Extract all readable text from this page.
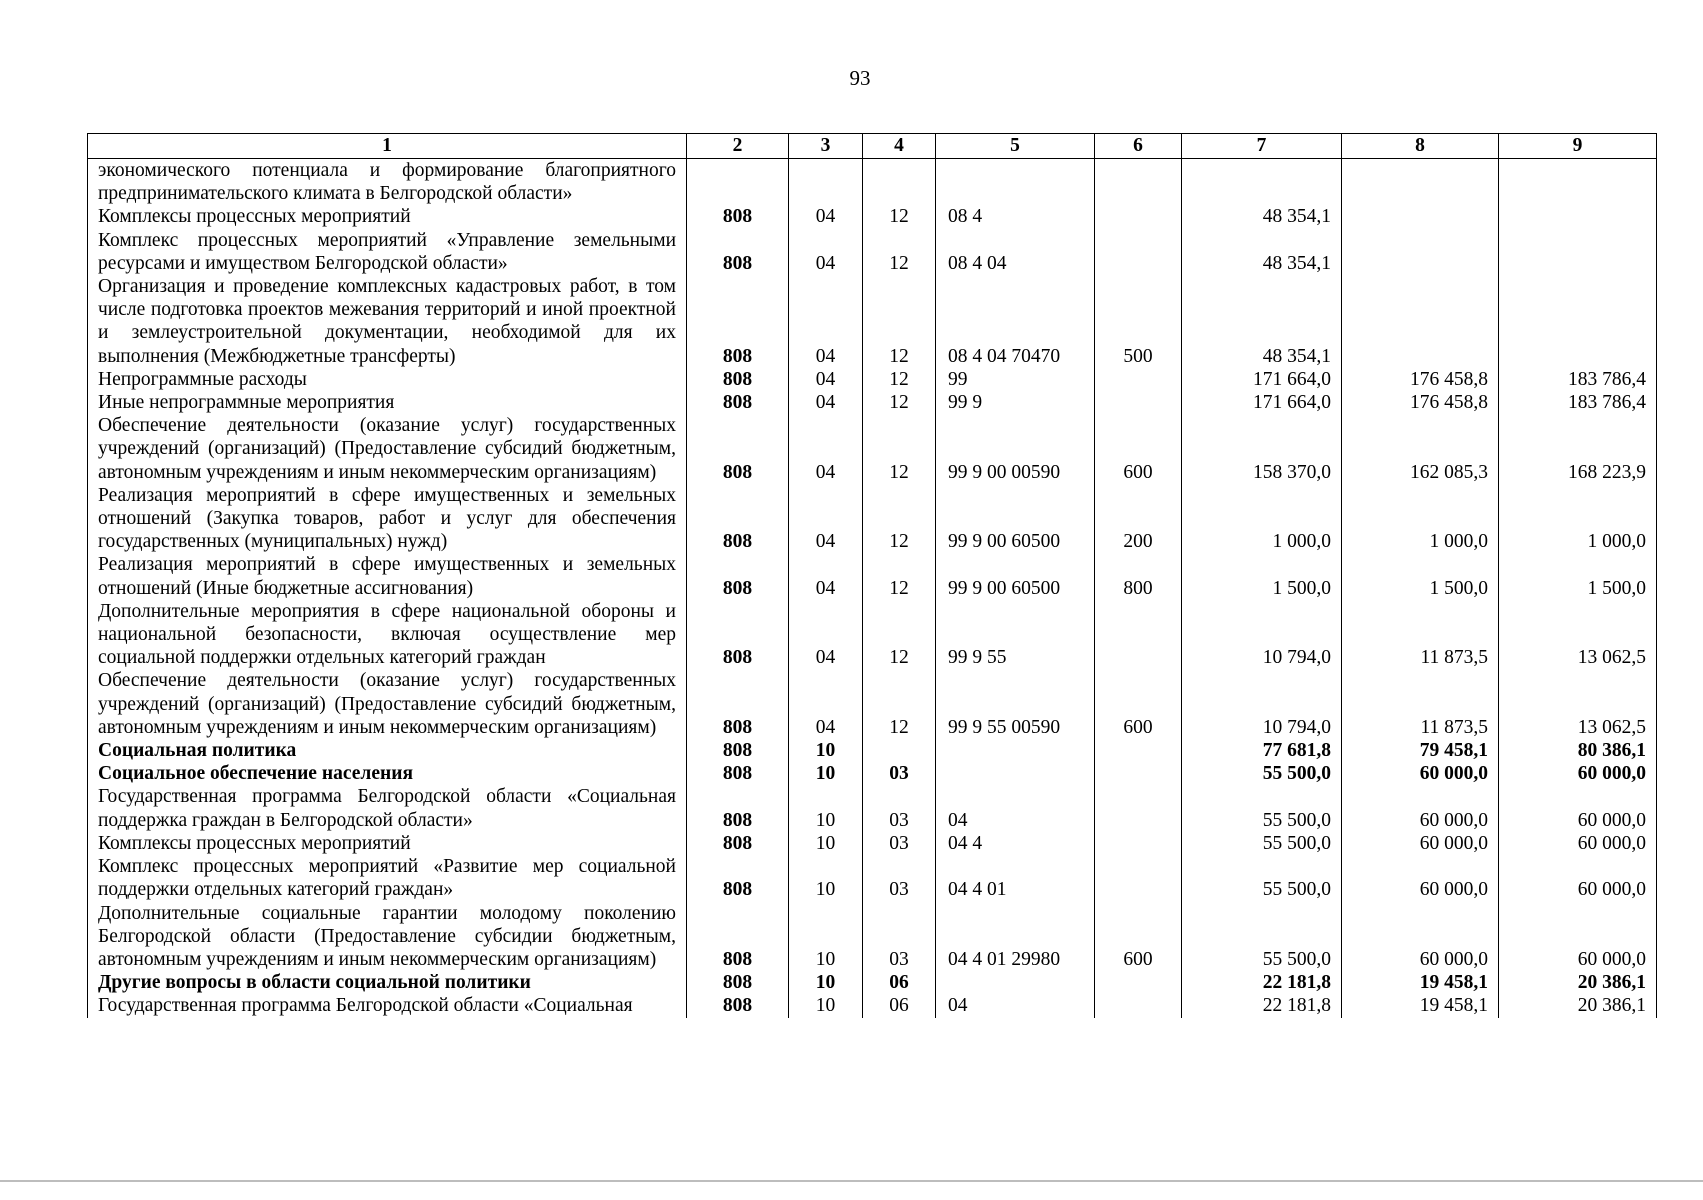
93
1	2	3	4	5	6	7	8	9
экономического потенциала и формирование благоприятного предпринимательского климата в Белгородской области»								
Комплексы процессных мероприятий	808	04	12	08 4		48 354,1		
Комплекс процессных мероприятий «Управление земельными ресурсами и имуществом Белгородской области»	808	04	12	08 4 04		48 354,1		
Организация и проведение комплексных кадастровых работ, в том числе подготовка проектов межевания территорий и иной проектной и землеустроительной документации, необходимой для их выполнения (Межбюджетные трансферты)	808	04	12	08 4 04 70470	500	48 354,1		
Непрограммные расходы	808	04	12	99		171 664,0	176 458,8	183 786,4
Иные непрограммные мероприятия	808	04	12	99 9		171 664,0	176 458,8	183 786,4
Обеспечение деятельности (оказание услуг) государственных учреждений (организаций) (Предоставление субсидий бюджетным, автономным учреждениям и иным некоммерческим организациям)	808	04	12	99 9 00 00590	600	158 370,0	162 085,3	168 223,9
Реализация мероприятий в сфере имущественных и земельных отношений (Закупка товаров, работ и услуг для обеспечения государственных (муниципальных) нужд)	808	04	12	99 9 00 60500	200	1 000,0	1 000,0	1 000,0
Реализация мероприятий в сфере имущественных и земельных отношений (Иные бюджетные ассигнования)	808	04	12	99 9 00 60500	800	1 500,0	1 500,0	1 500,0
Дополнительные мероприятия в сфере национальной обороны и национальной безопасности, включая осуществление мер социальной поддержки отдельных категорий граждан	808	04	12	99 9 55		10 794,0	11 873,5	13 062,5
Обеспечение деятельности (оказание услуг) государственных учреждений (организаций) (Предоставление субсидий бюджетным, автономным учреждениям и иным некоммерческим организациям)	808	04	12	99 9 55 00590	600	10 794,0	11 873,5	13 062,5
Социальная политика	808	10				77 681,8	79 458,1	80 386,1
Социальное обеспечение населения	808	10	03			55 500,0	60 000,0	60 000,0
Государственная программа Белгородской области «Социальная поддержка граждан в Белгородской области»	808	10	03	04		55 500,0	60 000,0	60 000,0
Комплексы процессных мероприятий	808	10	03	04 4		55 500,0	60 000,0	60 000,0
Комплекс процессных мероприятий «Развитие мер социальной поддержки отдельных категорий граждан»	808	10	03	04 4 01		55 500,0	60 000,0	60 000,0
Дополнительные социальные гарантии молодому поколению Белгородской области (Предоставление субсидии бюджетным, автономным учреждениям и иным некоммерческим организациям)	808	10	03	04 4 01 29980	600	55 500,0	60 000,0	60 000,0
Другие вопросы в области социальной политики	808	10	06			22 181,8	19 458,1	20 386,1
Государственная программа Белгородской области «Социальная	808	10	06	04		22 181,8	19 458,1	20 386,1
